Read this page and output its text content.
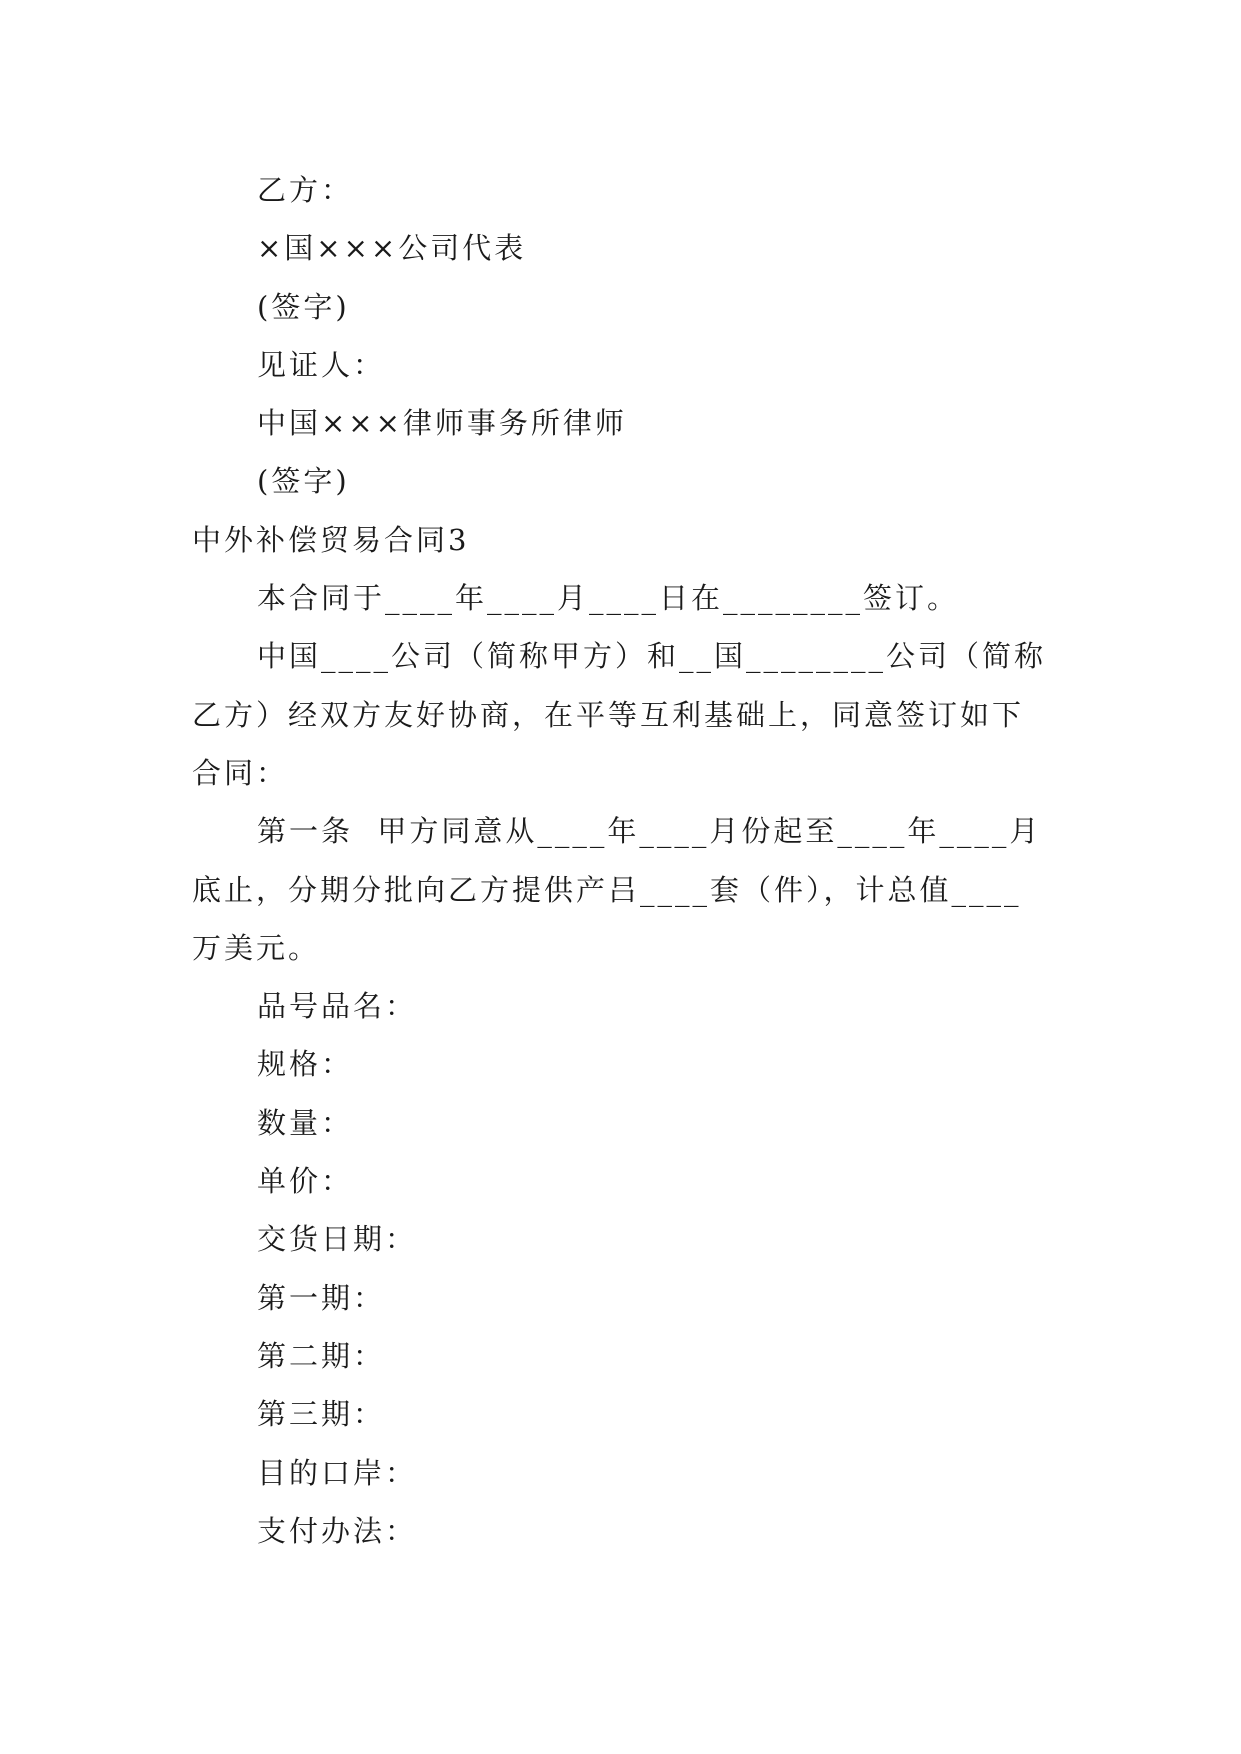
乙方：
×国×××公司代表
(签字)
见证人：
中国×××律师事务所律师
(签字)
中外补偿贸易合同3
本合同于____年____月____日在________签订。
中国____公司（简称甲方）和__国________公司（简称
乙方）经双方友好协商，在平等互利基础上，同意签订如下
合同：
第一条  甲方同意从____年____月份起至____年____月
底止，分期分批向乙方提供产吕____套（件），计总值____
万美元。
品号品名：
规格：
数量：
单价：
交货日期：
第一期：
第二期：
第三期：
目的口岸：
支付办法：
